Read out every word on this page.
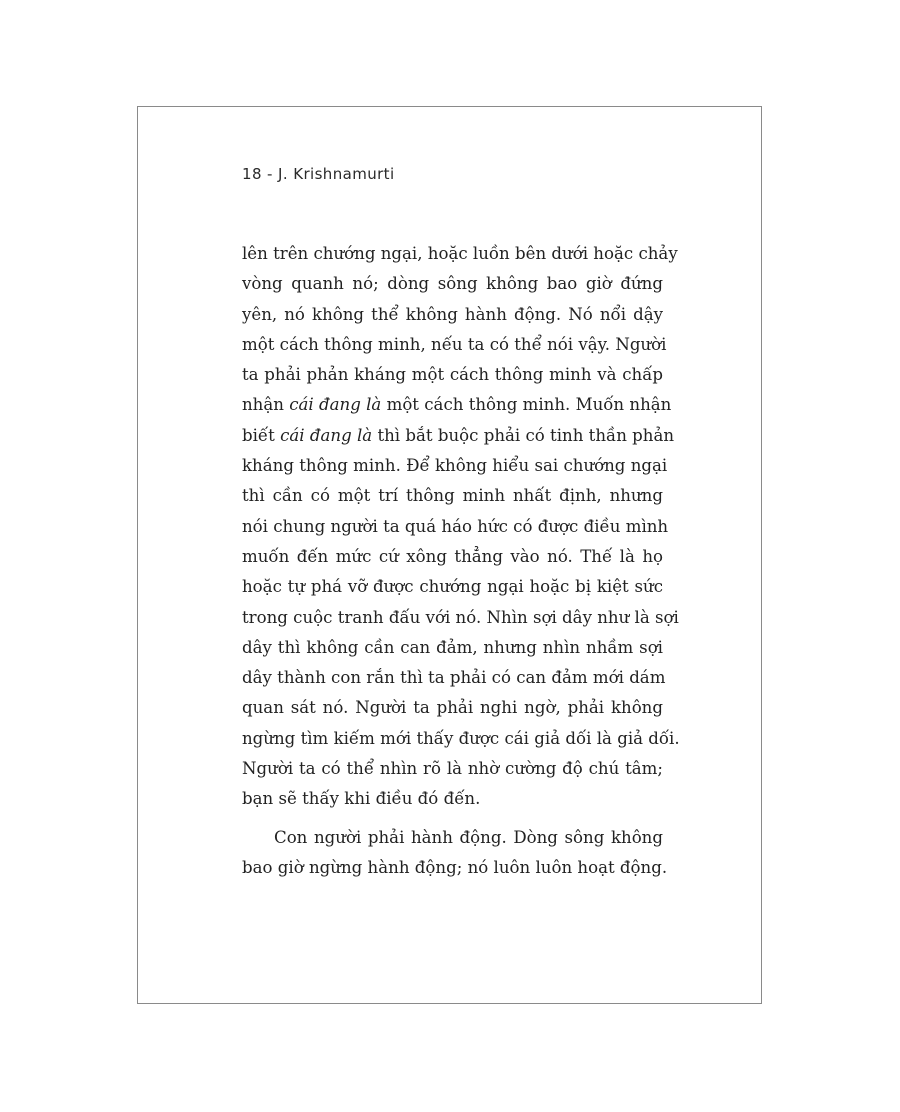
18 - J. Krishnamurti
lên trên chướng ngại, hoặc luồn bên dưới hoặc chảy
vòng quanh nó; dòng sông không bao giờ đứng
yên, nó không thể không hành động. Nó nổi dậy
một cách thông minh, nếu ta có thể nói vậy. Người
ta phải phản kháng một cách thông minh và chấp
nhận cái đang là một cách thông minh. Muốn nhận
biết cái đang là thì bắt buộc phải có tinh thần phản
kháng thông minh. Để không hiểu sai chướng ngại
thì cần có một trí thông minh nhất định, nhưng
nói chung người ta quá háo hức có được điều mình
muốn đến mức cứ xông thẳng vào nó. Thế là họ
hoặc tự phá vỡ được chướng ngại hoặc bị kiệt sức
trong cuộc tranh đấu với nó. Nhìn sợi dây như là sợi
dây thì không cần can đảm, nhưng nhìn nhầm sợi
dây thành con rắn thì ta phải có can đảm mới dám
quan sát nó. Người ta phải nghi ngờ, phải không
ngừng tìm kiếm mới thấy được cái giả dối là giả dối.
Người ta có thể nhìn rõ là nhờ cường độ chú tâm;
bạn sẽ thấy khi điều đó đến.
Con người phải hành động. Dòng sông không
bao giờ ngừng hành động; nó luôn luôn hoạt động.
